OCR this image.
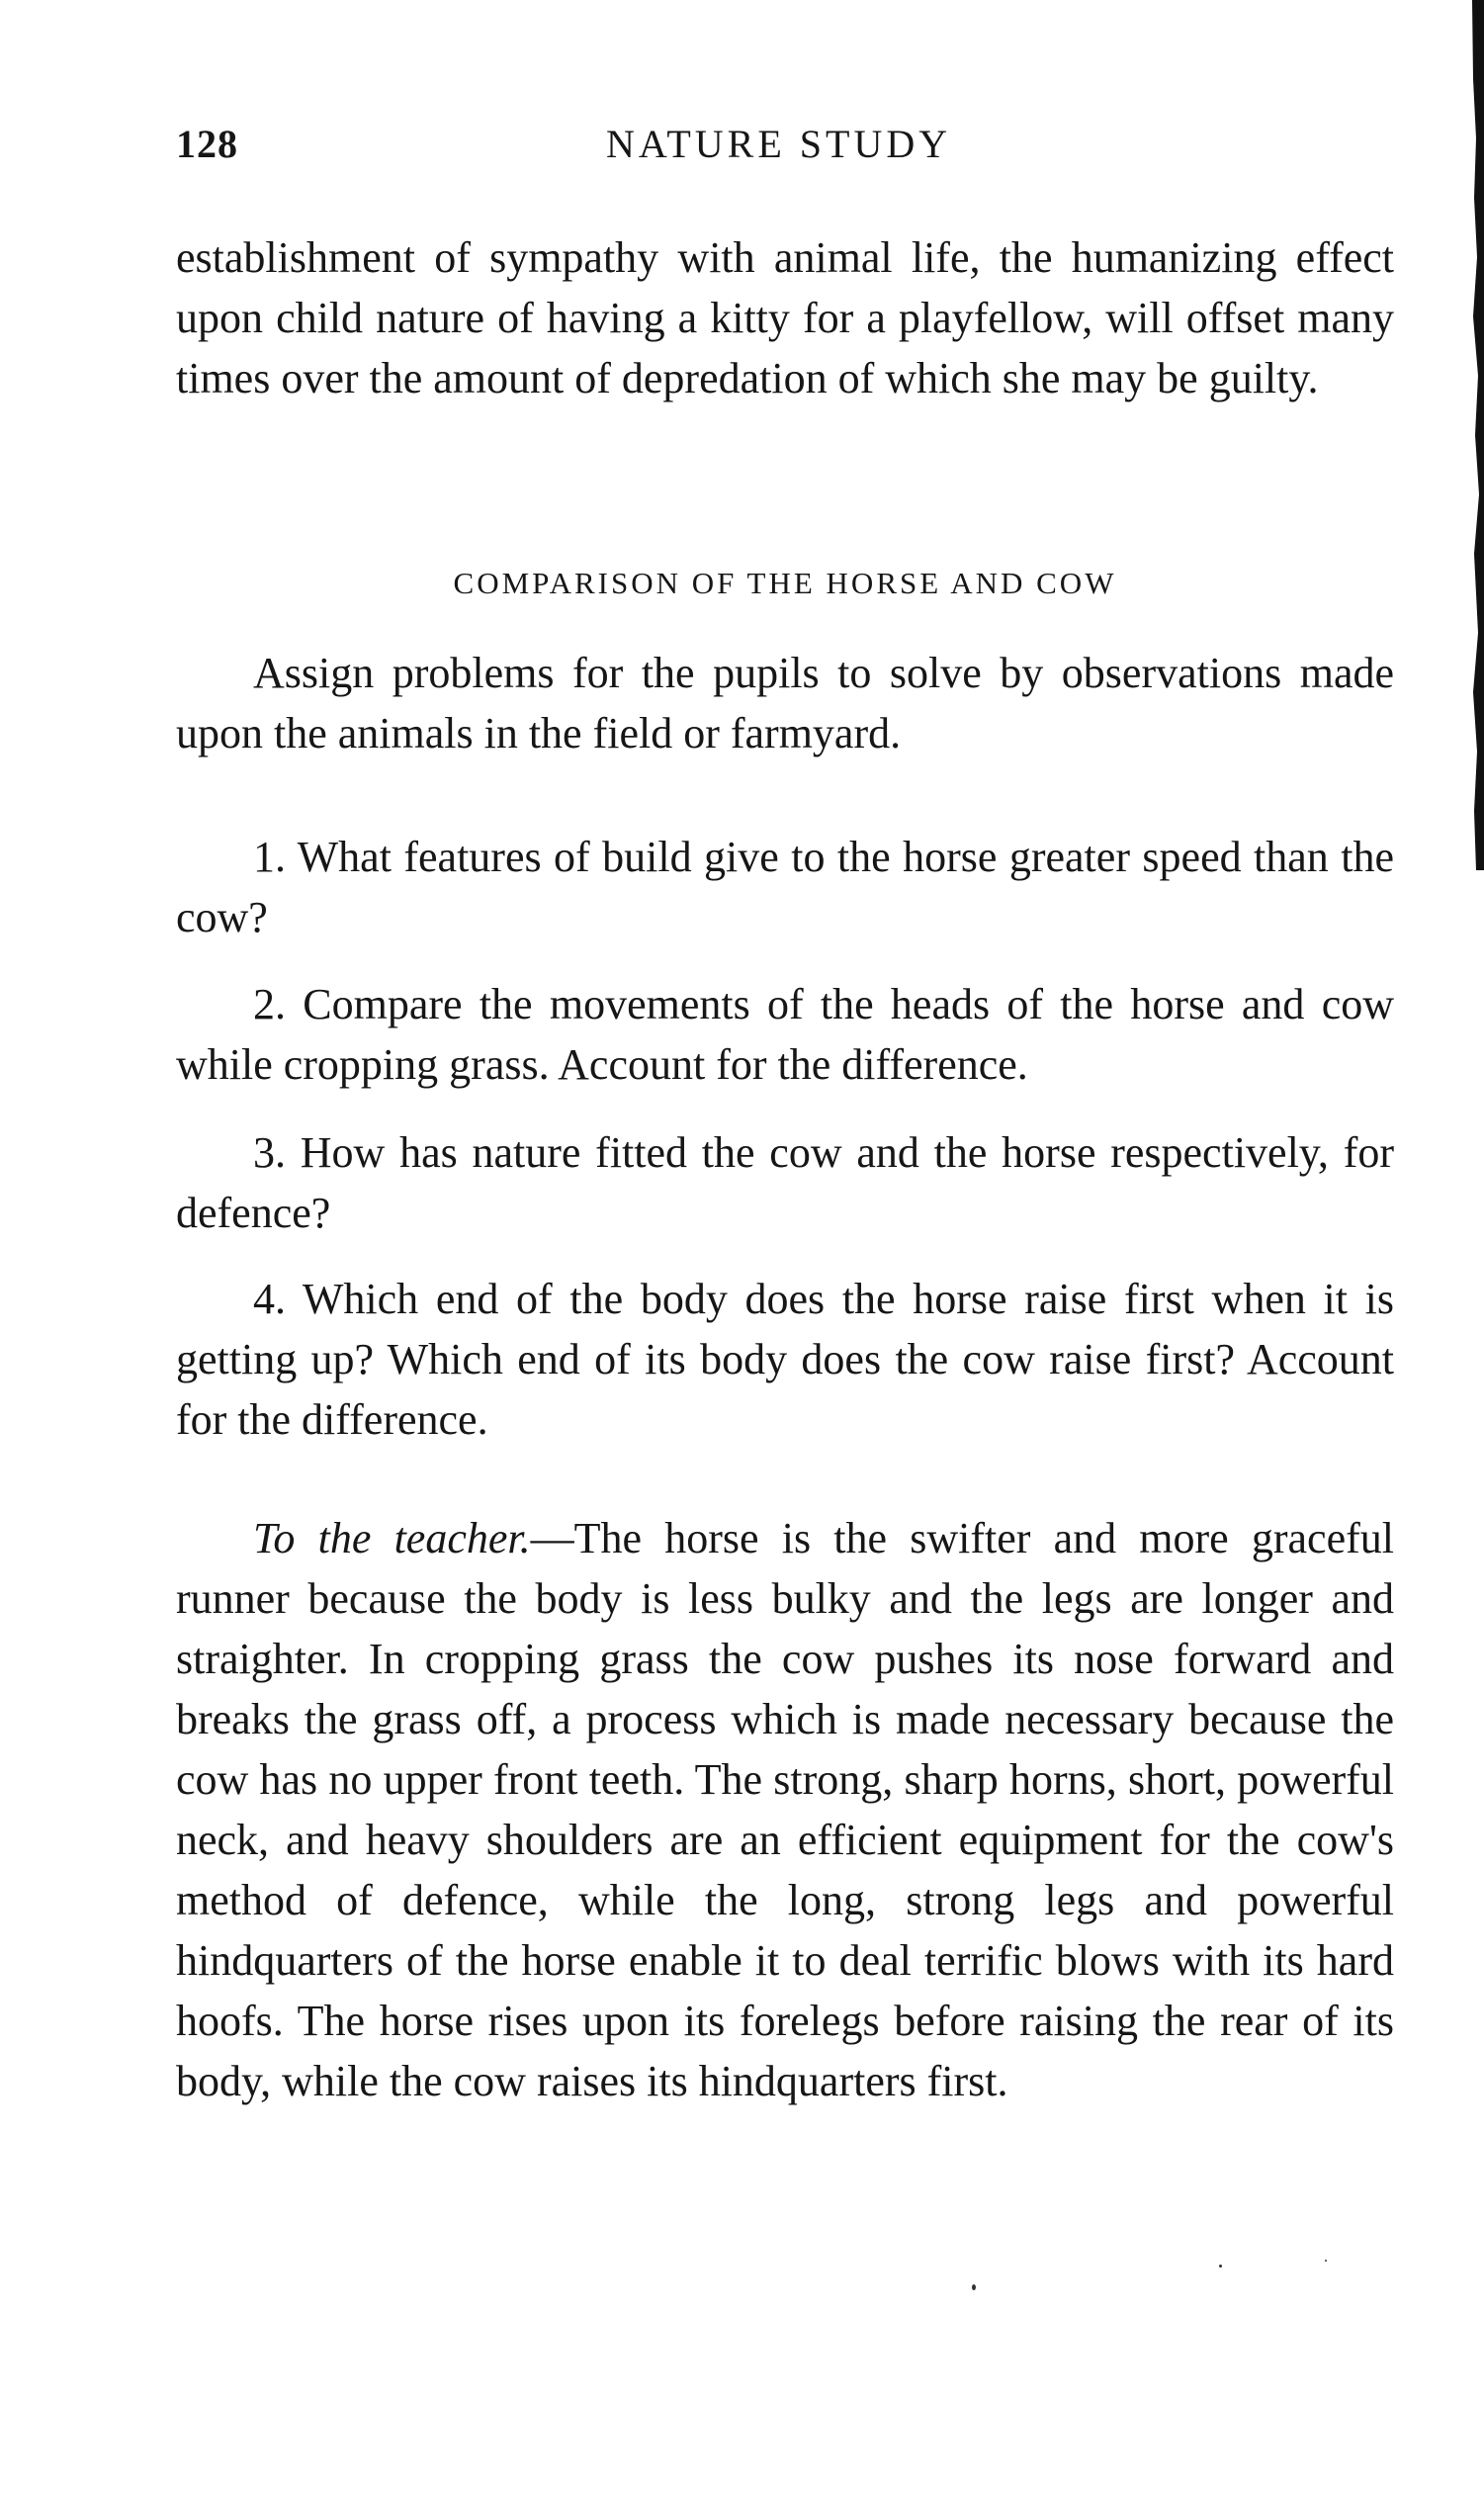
128	NATURE STUDY

establishment of sympathy with animal life, the humanizing effect upon child nature of having a kitty for a playfellow, will offset many times over the amount of depredation of which she may be guilty.

COMPARISON OF THE HORSE AND COW

Assign problems for the pupils to solve by observations made upon the animals in the field or farmyard.

1. What features of build give to the horse greater speed than the cow?

2. Compare the movements of the heads of the horse and cow while cropping grass. Account for the difference.

3. How has nature fitted the cow and the horse respectively, for defence?

4. Which end of the body does the horse raise first when it is getting up? Which end of its body does the cow raise first? Account for the difference.

To the teacher.—The horse is the swifter and more graceful runner because the body is less bulky and the legs are longer and straighter. In cropping grass the cow pushes its nose forward and breaks the grass off, a process which is made necessary because the cow has no upper front teeth. The strong, sharp horns, short, powerful neck, and heavy shoulders are an efficient equipment for the cow's method of defence, while the long, strong legs and powerful hindquarters of the horse enable it to deal terrific blows with its hard hoofs. The horse rises upon its forelegs before raising the rear of its body, while the cow raises its hindquarters first.
